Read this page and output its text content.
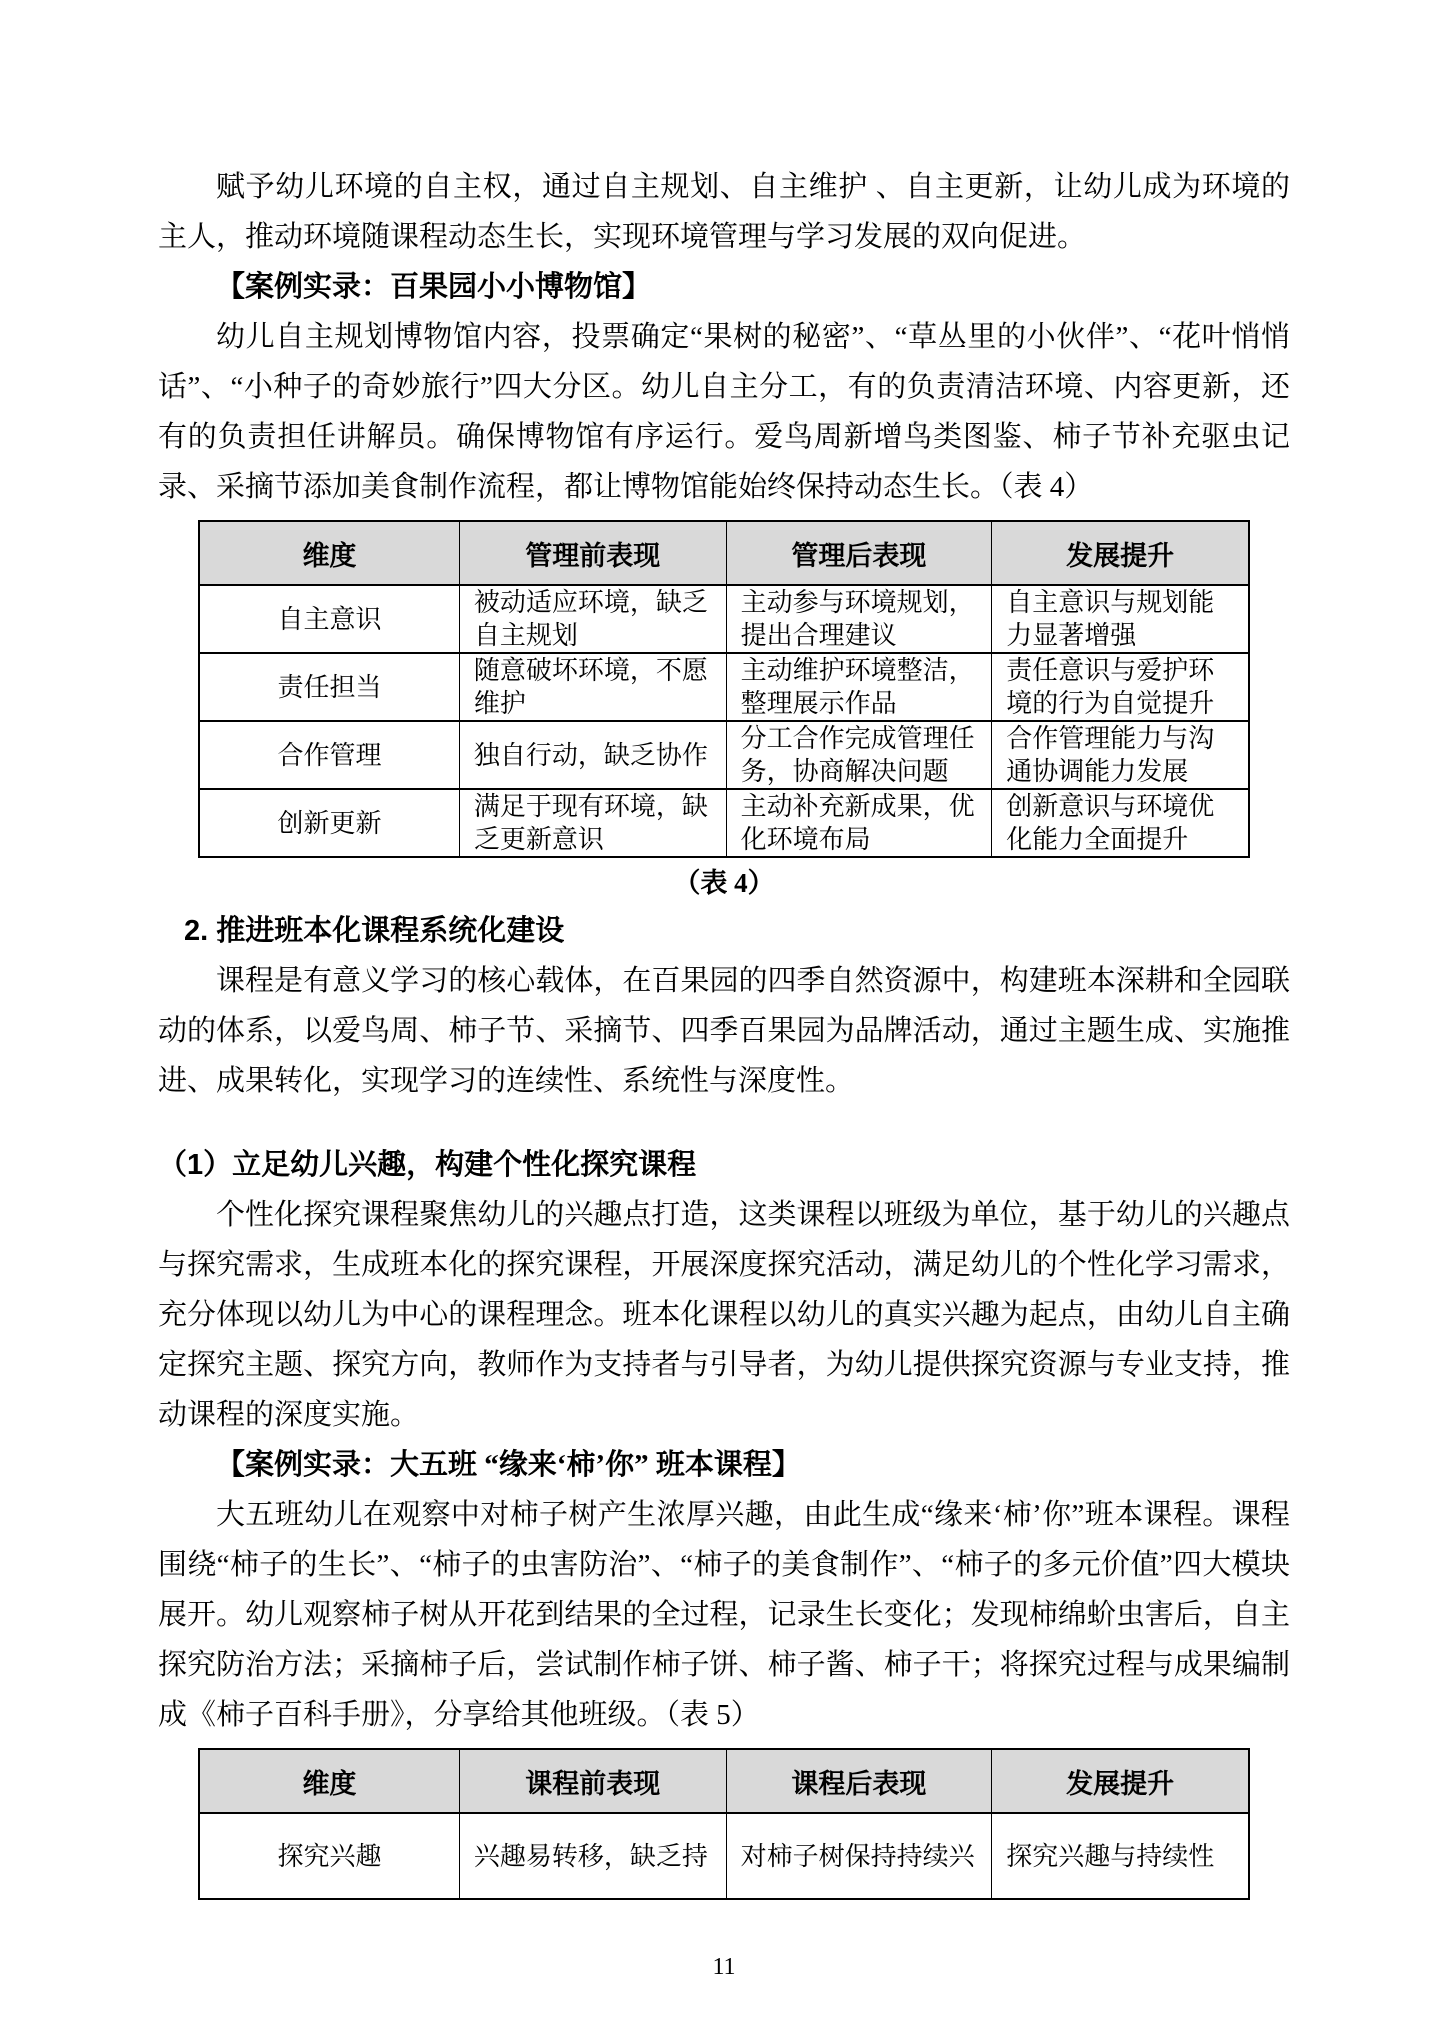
赋予幼儿环境的自主权，通过自主规划、自主维护 、自主更新，让幼儿成为环境的主人，推动环境随课程动态生长，实现环境管理与学习发展的双向促进。

【案例实录：百果园小小博物馆】

幼儿自主规划博物馆内容，投票确定“果树的秘密”、“草丛里的小伙伴”、“花叶悄悄话”、“小种子的奇妙旅行”四大分区。幼儿自主分工，有的负责清洁环境、内容更新，还有的负责担任讲解员。确保博物馆有序运行。爱鸟周新增鸟类图鉴、柿子节补充驱虫记录、采摘节添加美食制作流程，都让博物馆能始终保持动态生长。（表 4）

维度	管理前表现	管理后表现	发展提升
自主意识	被动适应环境，缺乏自主规划	主动参与环境规划，提出合理建议	自主意识与规划能力显著增强
责任担当	随意破坏环境，不愿维护	主动维护环境整洁，整理展示作品	责任意识与爱护环境的行为自觉提升
合作管理	独自行动，缺乏协作	分工合作完成管理任务，协商解决问题	合作管理能力与沟通协调能力发展
创新更新	满足于现有环境，缺乏更新意识	主动补充新成果，优化环境布局	创新意识与环境优化能力全面提升

（表 4）

2. 推进班本化课程系统化建设

课程是有意义学习的核心载体，在百果园的四季自然资源中，构建班本深耕和全园联动的体系，以爱鸟周、柿子节、采摘节、四季百果园为品牌活动，通过主题生成、实施推进、成果转化，实现学习的连续性、系统性与深度性。

（1）立足幼儿兴趣，构建个性化探究课程

个性化探究课程聚焦幼儿的兴趣点打造，这类课程以班级为单位，基于幼儿的兴趣点与探究需求，生成班本化的探究课程，开展深度探究活动，满足幼儿的个性化学习需求，充分体现以幼儿为中心的课程理念。班本化课程以幼儿的真实兴趣为起点，由幼儿自主确定探究主题、探究方向，教师作为支持者与引导者，为幼儿提供探究资源与专业支持，推动课程的深度实施。

【案例实录：大五班 “缘来‘柿’你” 班本课程】

大五班幼儿在观察中对柿子树产生浓厚兴趣，由此生成“缘来‘柿’你”班本课程。课程围绕“柿子的生长”、“柿子的虫害防治”、“柿子的美食制作”、“柿子的多元价值”四大模块展开。幼儿观察柿子树从开花到结果的全过程，记录生长变化；发现柿绵蚧虫害后，自主探究防治方法；采摘柿子后，尝试制作柿子饼、柿子酱、柿子干；将探究过程与成果编制成《柿子百科手册》，分享给其他班级。（表 5）

维度	课程前表现	课程后表现	发展提升
探究兴趣	兴趣易转移，缺乏持	对柿子树保持持续兴	探究兴趣与持续性

11
